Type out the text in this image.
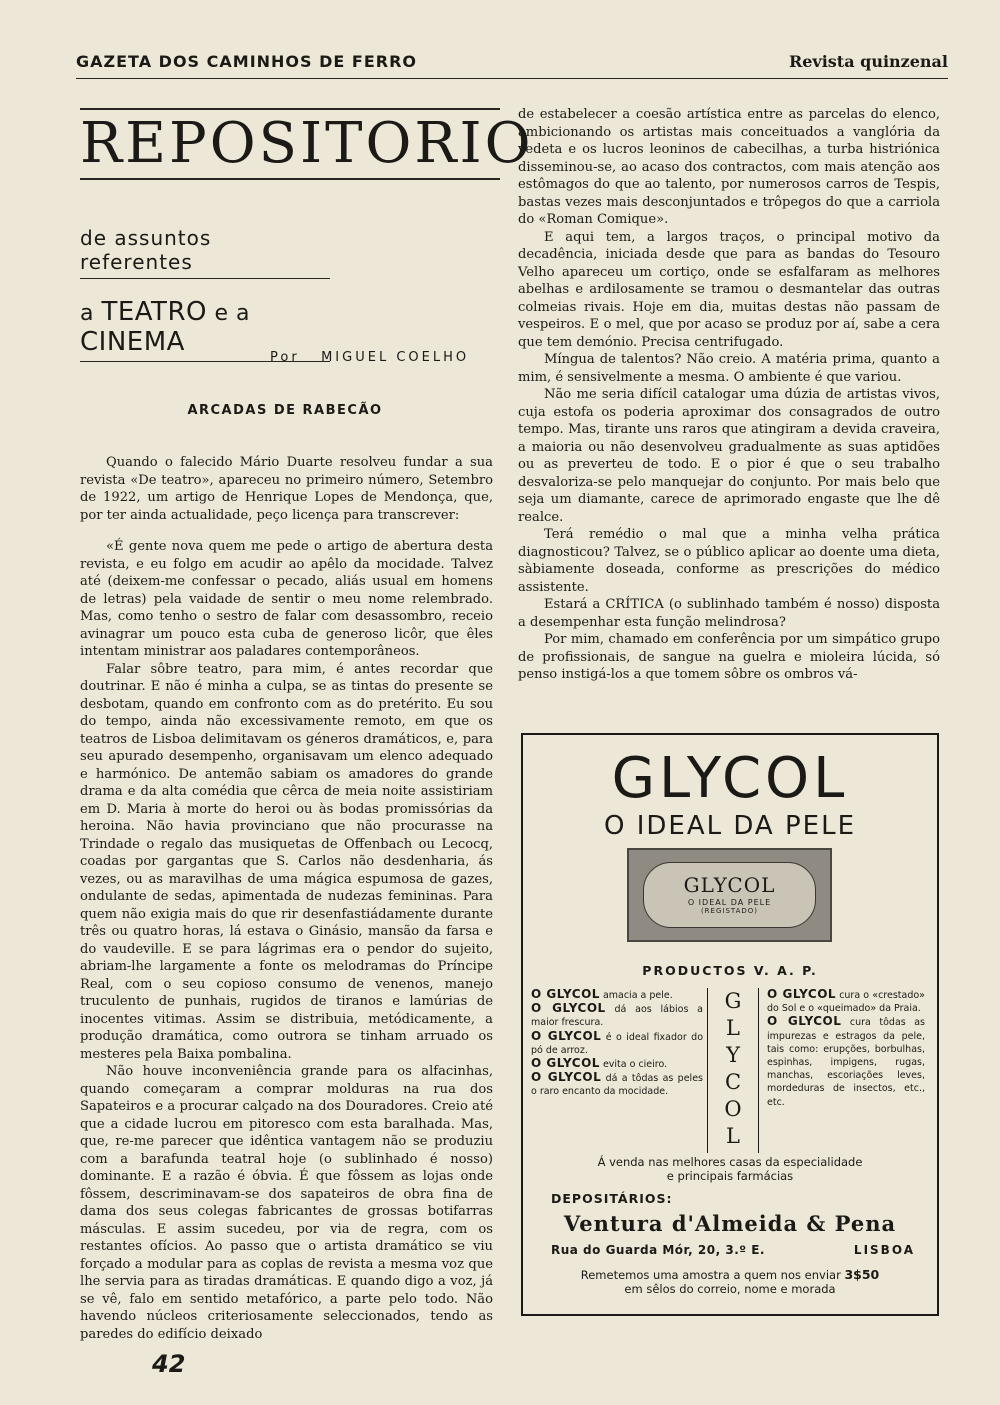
GAZETA DOS CAMINHOS DE FERRO	Revista quinzenal
REPOSITORIO
de assuntos referentes
a TEATRO e a CINEMA
Por MIGUEL COELHO
ARCADAS DE RABECÃO

Quando o falecido Mário Duarte resolveu fundar a sua revista «De teatro», apareceu no primeiro número, Setembro de 1922, um artigo de Henrique Lopes de Mendonça, que, por ter ainda actualidade, peço licença para transcrever:

«É gente nova quem me pede o artigo de abertura desta revista, e eu folgo em acudir ao apêlo da mocidade. Talvez até (deixem-me confessar o pecado, aliás usual em homens de letras) pela vaidade de sentir o meu nome relembrado. Mas, como tenho o sestro de falar com desassombro, receio avinagrar um pouco esta cuba de generoso licôr, que êles intentam ministrar aos paladares contemporâneos.

Falar sôbre teatro, para mim, é antes recordar que doutrinar. E não é minha a culpa, se as tintas do presente se desbotam, quando em confronto com as do pretérito. Eu sou do tempo, ainda não excessivamente remoto, em que os teatros de Lisboa delimitavam os géneros dramáticos, e, para seu apurado desempenho, organisavam um elenco adequado e harmónico. De antemão sabiam os amadores do grande drama e da alta comédia que cêrca de meia noite assistiriam em D. Maria à morte do heroi ou às bodas promissórias da heroina. Não havia provinciano que não procurasse na Trindade o regalo das musiquetas de Offenbach ou Lecocq, coadas por gargantas que S. Carlos não desdenharia, ás vezes, ou as maravilhas de uma mágica espumosa de gazes, ondulante de sedas, apimentada de nudezas femininas. Para quem não exigia mais do que rir desenfastiádamente durante três ou quatro horas, lá estava o Ginásio, mansão da farsa e do vaudeville. E se para lágrimas era o pendor do sujeito, abriam-lhe largamente a fonte os melodramas do Príncipe Real, com o seu copioso consumo de venenos, manejo truculento de punhais, rugidos de tiranos e lamúrias de inocentes vitimas. Assim se distribuia, metódicamente, a produção dramática, como outrora se tinham arruado os mesteres pela Baixa pombalina.

Não houve inconveniência grande para os alfacinhas, quando começaram a comprar molduras na rua dos Sapateiros e a procurar calçado na dos Douradores. Creio até que a cidade lucrou em pitoresco com esta baralhada. Mas, que, re-me parecer que idêntica vantagem não se produziu com a barafunda teatral hoje (o sublinhado é nosso) dominante. E a razão é óbvia. É que fôssem as lojas onde fôssem, descriminavam-se dos sapateiros de obra fina de dama dos seus colegas fabricantes de grossas botifarras másculas. E assim sucedeu, por via de regra, com os restantes ofícios. Ao passo que o artista dramático se viu forçado a modular para as coplas de revista a mesma voz que lhe servia para as tiradas dramáticas. E quando digo a voz, já se vê, falo em sentido metafórico, a parte pelo todo. Não havendo núcleos criteriosamente seleccionados, tendo as paredes do edifício deixado

de estabelecer a coesão artística entre as parcelas do elenco, ambicionando os artistas mais conceituados a vanglória da vedeta e os lucros leoninos de cabecilhas, a turba histriónica disseminou-se, ao acaso dos contractos, com mais atenção aos estômagos do que ao talento, por numerosos carros de Tespis, bastas vezes mais desconjuntados e trôpegos do que a carriola do «Roman Comique».

E aqui tem, a largos traços, o principal motivo da decadência, iniciada desde que para as bandas do Tesouro Velho apareceu um cortiço, onde se esfalfaram as melhores abelhas e ardilosamente se tramou o desmantelar das outras colmeias rivais. Hoje em dia, muitas destas não passam de vespeiros. E o mel, que por acaso se produz por aí, sabe a cera que tem demónio. Precisa centrifugado.

Míngua de talentos? Não creio. A matéria prima, quanto a mim, é sensivelmente a mesma. O ambiente é que variou.

Não me seria difícil catalogar uma dúzia de artistas vivos, cuja estofa os poderia aproximar dos consagrados de outro tempo. Mas, tirante uns raros que atingiram a devida craveira, a maioria ou não desenvolveu gradualmente as suas aptidões ou as preverteu de todo. E o pior é que o seu trabalho desvaloriza-se pelo manquejar do conjunto. Por mais belo que seja um diamante, carece de aprimorado engaste que lhe dê realce.

Terá remédio o mal que a minha velha prática diagnosticou? Talvez, se o público aplicar ao doente uma dieta, sàbiamente doseada, conforme as prescrições do médico assistente.

Estará a CRÍTICA (o sublinhado também é nosso) disposta a desempenhar esta função melindrosa?

Por mim, chamado em conferência por um simpático grupo de profissionais, de sangue na guelra e mioleira lúcida, só penso instigá-los a que tomem sôbre os ombros vá-

GLYCOL
O IDEAL DA PELE
GLYCOL
O IDEAL DA PELE
(REGISTADO)
PRODUCTOS V. A. P.

O GLYCOL amacia a pele.

O GLYCOL dá aos lábios a maior frescura.

O GLYCOL é o ideal fixador do pó de arroz.

O GLYCOL evita o cieiro.

O GLYCOL dá a tôdas as peles o raro encanto da mocidade.

G
L
Y
C
O
L

O GLYCOL cura o «crestado» do Sol e o «queimado» da Praia.

O GLYCOL cura tôdas as impurezas e estragos da pele, tais como: erupções, borbulhas, espinhas, impigens, rugas, manchas, escoriações leves, mordeduras de insectos, etc., etc.

Á venda nas melhores casas da especialidade
e principais farmácias
DEPOSITÁRIOS:
Ventura d'Almeida & Pena
Rua do Guarda Mór, 20, 3.º E.	LISBOA
Remetemos uma amostra a quem nos enviar 3$50
em sêlos do correio, nome e morada
42
